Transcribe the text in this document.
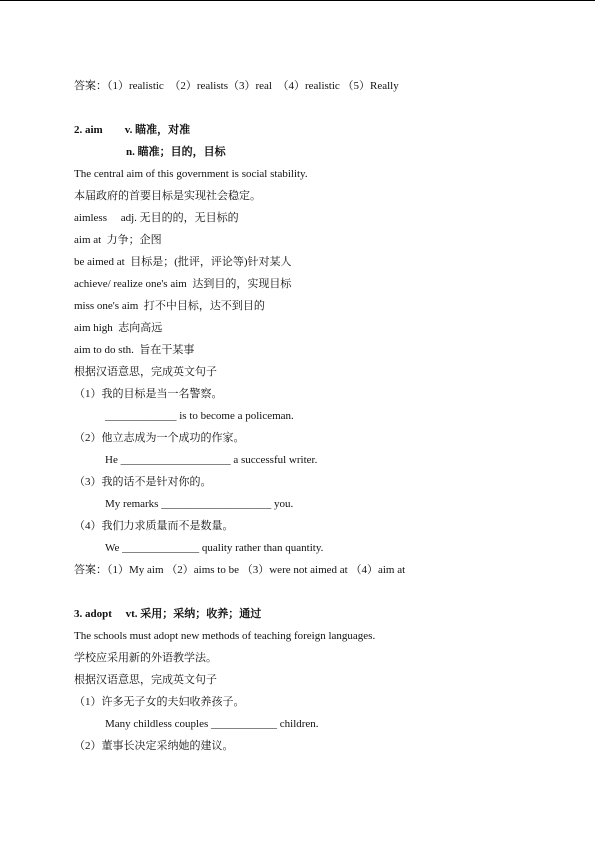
答案：（1）realistic　（2）realists（3）real　（4）realistic （5）Really
2. aim　　v. 瞄准，对准
n. 瞄准；目的，目标
The central aim of this government is social stability.
本届政府的首要目标是实现社会稳定。
aimless　 adj. 无目的的，无目标的
aim at  力争；企图
be aimed at  目标是；(批评，评论等)针对某人
achieve/ realize one's aim  达到目的，实现目标
miss one's aim  打不中目标，达不到目的
aim high  志向高远
aim to do sth.  旨在干某事
根据汉语意思，完成英文句子
（1）我的目标是当一名警察。
_____________ is to become a policeman.
（2）他立志成为一个成功的作家。
He ____________________ a successful writer.
（3）我的话不是针对你的。
My remarks ____________________ you.
（4）我们力求质量而不是数量。
We ______________ quality rather than quantity.
答案：（1）My aim （2）aims to be （3）were not aimed at （4）aim at
3. adopt　 vt. 采用；采纳；收养；通过
The schools must adopt new methods of teaching foreign languages.
学校应采用新的外语教学法。
根据汉语意思，完成英文句子
（1）许多无子女的夫妇收养孩子。
Many childless couples ____________ children.
（2）董事长决定采纳她的建议。
